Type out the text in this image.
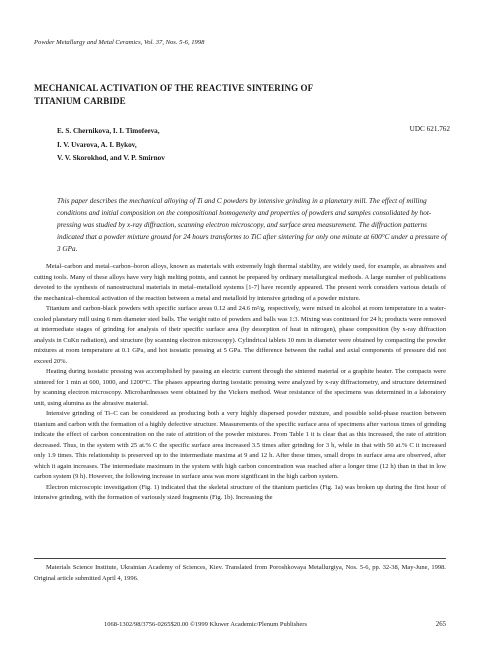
Powder Metallurgy and Metal Ceramics, Vol. 37, Nos. 5-6, 1998
MECHANICAL ACTIVATION OF THE REACTIVE SINTERING OF
TITANIUM CARBIDE
E. S. Chernikova, I. I. Timofeeva,
I. V. Uvarova, A. I. Bykov,
V. V. Skorokhod, and V. P. Smirnov
UDC 621.762

This paper describes the mechanical alloying of Ti and C powders by intensive grinding in a planetary mill. The effect of milling conditions and initial composition on the compositional homogeneity and properties of powders and samples consolidated by hot-pressing was studied by x-ray diffraction, scanning electron microscopy, and surface area measurement. The diffraction patterns indicated that a powder mixture ground for 24 hours transforms to TiC after sintering for only one minute at 600°C under a pressure of 3 GPa.

Metal–carbon and metal–carbon–boron alloys, known as materials with extremely high thermal stability, are widely used, for example, as abrasives and cutting tools. Many of these alloys have very high melting points, and cannot be prepared by ordinary metallurgical methods. A large number of publications devoted to the synthesis of nanostructural materials in metal–metalloid systems [1-7] have recently appeared. The present work considers various details of the mechanical–chemical activation of the reaction between a metal and metalloid by intensive grinding of a powder mixture.

Titanium and carbon-black powders with specific surface areas 0.12 and 24.6 m²/g, respectively, were mixed in alcohol at room temperature in a water-cooled planetary mill using 6 mm diameter steel balls. The weight ratio of powders and balls was 1:3. Mixing was continued for 24 h; products were removed at intermediate stages of grinding for analysis of their specific surface area (by desorption of heat in nitrogen), phase composition (by x-ray diffraction analysis in CuKα radiation), and structure (by scanning electron microscopy). Cylindrical tablets 10 mm in diameter were obtained by compacting the powder mixtures at room temperature at 0.1 GPa, and hot isostatic pressing at 5 GPa. The difference between the radial and axial components of pressure did not exceed 20%.

Heating during isostatic pressing was accomplished by passing an electric current through the sintered material or a graphite heater. The compacts were sintered for 1 min at 600, 1000, and 1200°C. The phases appearing during isostatic pressing were analyzed by x-ray diffractometry, and structure determined by scanning electron microscopy. Microhardnesses were obtained by the Vickers method. Wear resistance of the specimens was determined in a laboratory unit, using alumina as the abrasive material.

Intensive grinding of Ti–C can be considered as producing both a very highly dispersed powder mixture, and possible solid-phase reaction between titanium and carbon with the formation of a highly defective structure. Measurements of the specific surface area of specimens after various times of grinding indicate the effect of carbon concentration on the rate of attrition of the powder mixtures. From Table 1 it is clear that as this increased, the rate of attrition decreased. Thus, in the system with 25 at.% C the specific surface area increased 3.5 times after grinding for 3 h, while in that with 50 at.% C it increased only 1.9 times. This relationship is preserved up to the intermediate maxima at 9 and 12 h. After these times, small drops in surface area are observed, after which it again increases. The intermediate maximum in the system with high carbon concentration was reached after a longer time (12 h) than in that in low carbon system (9 h). However, the following increase in surface area was more significant in the high carbon system.

Electron microscopic investigation (Fig. 1) indicated that the skeletal structure of the titanium particles (Fig. 1a) was broken up during the first hour of intensive grinding, with the formation of variously sized fragments (Fig. 1b). Increasing the

Materials Science Institute, Ukrainian Academy of Sciences, Kiev. Translated from Poroshkovaya Metallurgiya, Nos. 5-6, pp. 32-38, May-June, 1998. Original article submitted April 4, 1996.

1068-1302/98/3756-0265$20.00 ©1999 Kluwer Academic/Plenum Publishers	265
